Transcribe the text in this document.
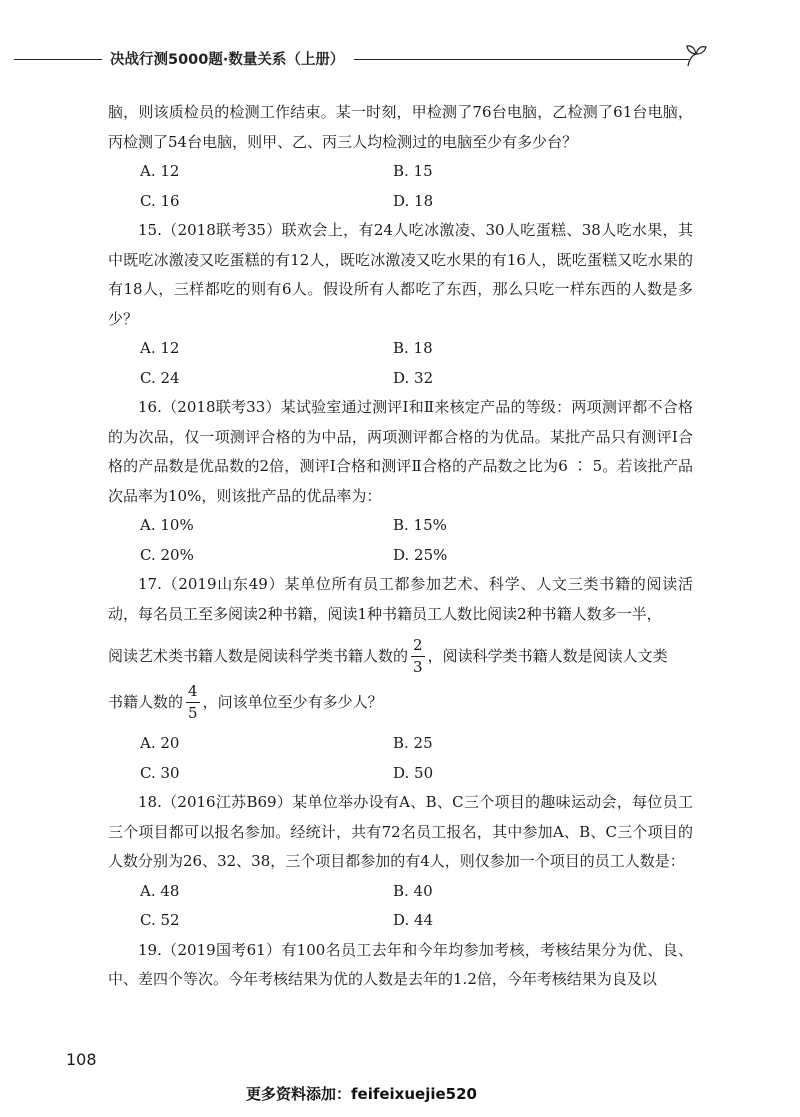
决战行测5000题·数量关系（上册）

脑，则该质检员的检测工作结束。某一时刻，甲检测了76台电脑，乙检测了61台电脑，丙检测了54台电脑，则甲、乙、丙三人均检测过的电脑至少有多少台？

A. 12	B. 15
C. 16	D. 18

15.（2018联考35）联欢会上，有24人吃冰激凌、30人吃蛋糕、38人吃水果，其中既吃冰激凌又吃蛋糕的有12人，既吃冰激凌又吃水果的有16人，既吃蛋糕又吃水果的有18人，三样都吃的则有6人。假设所有人都吃了东西，那么只吃一样东西的人数是多少？

A. 12	B. 18
C. 24	D. 32

16.（2018联考33）某试验室通过测评Ⅰ和Ⅱ来核定产品的等级：两项测评都不合格的为次品，仅一项测评合格的为中品，两项测评都合格的为优品。某批产品只有测评Ⅰ合格的产品数是优品数的2倍，测评Ⅰ合格和测评Ⅱ合格的产品数之比为6 ∶ 5。若该批产品次品率为10%，则该批产品的优品率为：

A. 10%	B. 15%
C. 20%	D. 25%

17.（2019山东49）某单位所有员工都参加艺术、科学、人文三类书籍的阅读活动，每名员工至多阅读2种书籍，阅读1种书籍员工人数比阅读2种书籍人数多一半，

阅读艺术类书籍人数是阅读科学类书籍人数的 $\frac{2}{3}$ ，阅读科学类书籍人数是阅读人文类
书籍人数的 $\frac{4}{5}$ ，问该单位至少有多少人？
A. 20	B. 25
C. 30	D. 50

18.（2016江苏B69）某单位举办设有A、B、C三个项目的趣味运动会，每位员工三个项目都可以报名参加。经统计，共有72名员工报名，其中参加A、B、C三个项目的人数分别为26、32、38，三个项目都参加的有4人，则仅参加一个项目的员工人数是：

A. 48	B. 40
C. 52	D. 44

19.（2019国考61）有100名员工去年和今年均参加考核，考核结果分为优、良、中、差四个等次。今年考核结果为优的人数是去年的1.2倍，今年考核结果为良及以

108
更多资料添加：feifeixuejie520
